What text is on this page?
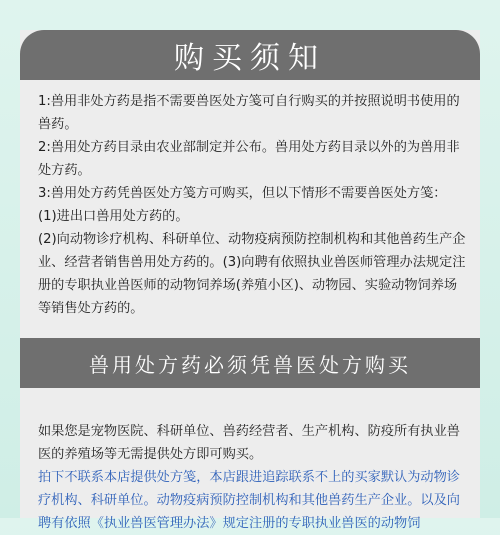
购买须知

1:兽用非处方药是指不需要兽医处方笺可自行购买的并按照说明书使用的兽药。

2:兽用处方药目录由农业部制定并公布。兽用处方药目录以外的为兽用非处方药。

3:兽用处方药凭兽医处方笺方可购买，但以下情形不需要兽医处方笺：

(1)进出口兽用处方药的。

(2)向动物诊疗机构、科研单位、动物疫病预防控制机构和其他兽药生产企业、经营者销售兽用处方药的。(3)向聘有依照执业兽医师管理办法规定注册的专职执业兽医师的动物饲养场(养殖小区)、动物园、实验动物饲养场等销售处方药的。

兽用处方药必须凭兽医处方购买

如果您是宠物医院、科研单位、兽药经营者、生产机构、防疫所有执业兽医的养殖场等无需提供处方即可购买。

拍下不联系本店提供处方笺，本店跟进追踪联系不上的买家默认为动物诊疗机构、科研单位。动物疫病预防控制机构和其他兽药生产企业。以及向聘有依照《执业兽医管理办法》规定注册的专职执业兽医的动物饲
